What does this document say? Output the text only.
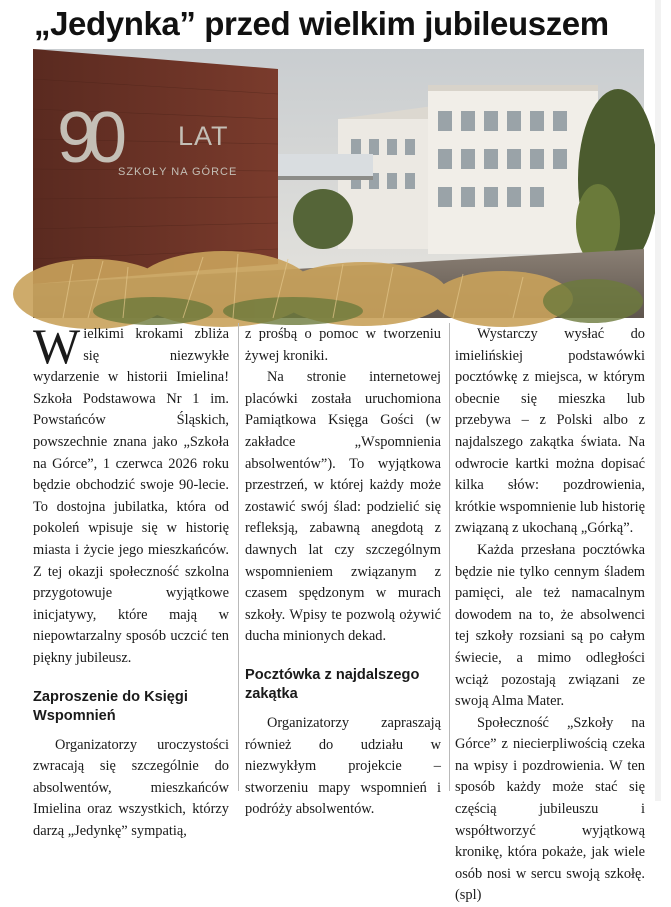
„Jedynka” przed wielkim jubileuszem
90 LAT
SZKOŁY NA GÓRCE
Foto: SP nr 1

Wielkimi krokami zbliża się niezwykłe wydarzenie w historii Imielina! Szkoła Podstawowa Nr 1 im. Powstańców Śląskich, powszechnie znana jako „Szkoła na Górce”, 1 czerwca 2026 roku będzie obchodzić swoje 90-lecie. To dostojna jubilatka, która od pokoleń wpisuje się w historię miasta i życie jego mieszkańców. Z tej okazji społeczność szkolna przygotowuje wyjątkowe inicjatywy, które mają w niepowtarzalny sposób uczcić ten piękny jubileusz.

Zaproszenie do Księgi Wspomnień

Organizatorzy uroczystości zwracają się szczególnie do absolwentów, mieszkańców Imielina oraz wszystkich, którzy darzą „Jedynkę” sympatią,

z prośbą o pomoc w tworzeniu żywej kroniki.

Na stronie internetowej placówki została uruchomiona Pamiątkowa Księga Gości (w zakładce „Wspomnienia absolwentów”). To wyjątkowa przestrzeń, w której każdy może zostawić swój ślad: podzielić się refleksją, zabawną anegdotą z dawnych lat czy szczególnym wspomnieniem związanym z czasem spędzonym w murach szkoły. Wpisy te pozwolą ożywić ducha minionych dekad.

Pocztówka z najdalszego zakątka

Organizatorzy zapraszają również do udziału w niezwykłym projekcie – stworzeniu mapy wspomnień i podróży absolwentów.

Wystarczy wysłać do imielińskiej podstawówki pocztówkę z miejsca, w którym obecnie się mieszka lub przebywa – z Polski albo z najdalszego zakątka świata. Na odwrocie kartki można dopisać kilka słów: pozdrowienia, krótkie wspomnienie lub historię związaną z ukochaną „Górką”.

Każda przesłana pocztówka będzie nie tylko cennym śladem pamięci, ale też namacalnym dowodem na to, że absolwenci tej szkoły rozsiani są po całym świecie, a mimo odległości wciąż pozostają związani ze swoją Alma Mater.

Społeczność „Szkoły na Górce” z niecierpliwością czeka na wpisy i pozdrowienia. W ten sposób każdy może stać się częścią jubileuszu i współtworzyć wyjątkową kronikę, która pokaże, jak wiele osób nosi w sercu swoją szkołę. (spl)
